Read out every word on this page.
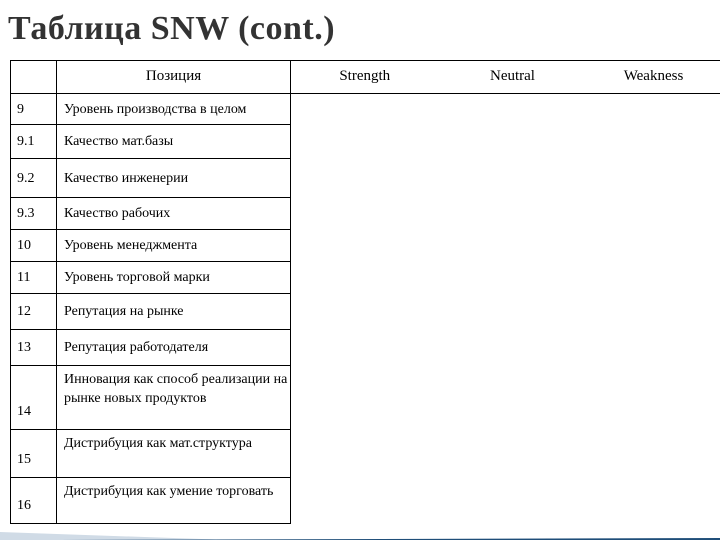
Таблица SNW (cont.)
	Позиция	Strength	Neutral	Weakness
9	Уровень производства в целом			
9.1	Качество мат.базы			
9.2	Качество инженерии			
9.3	Качество рабочих			
10	Уровень менеджмента			
11	Уровень торговой марки			
12	Репутация на рынке			
13	Репутация работодателя			
14	Инновация как способ реализации на рынке новых продуктов			
15	Дистрибуция как мат.структура			
16	Дистрибуция как умение торговать			
